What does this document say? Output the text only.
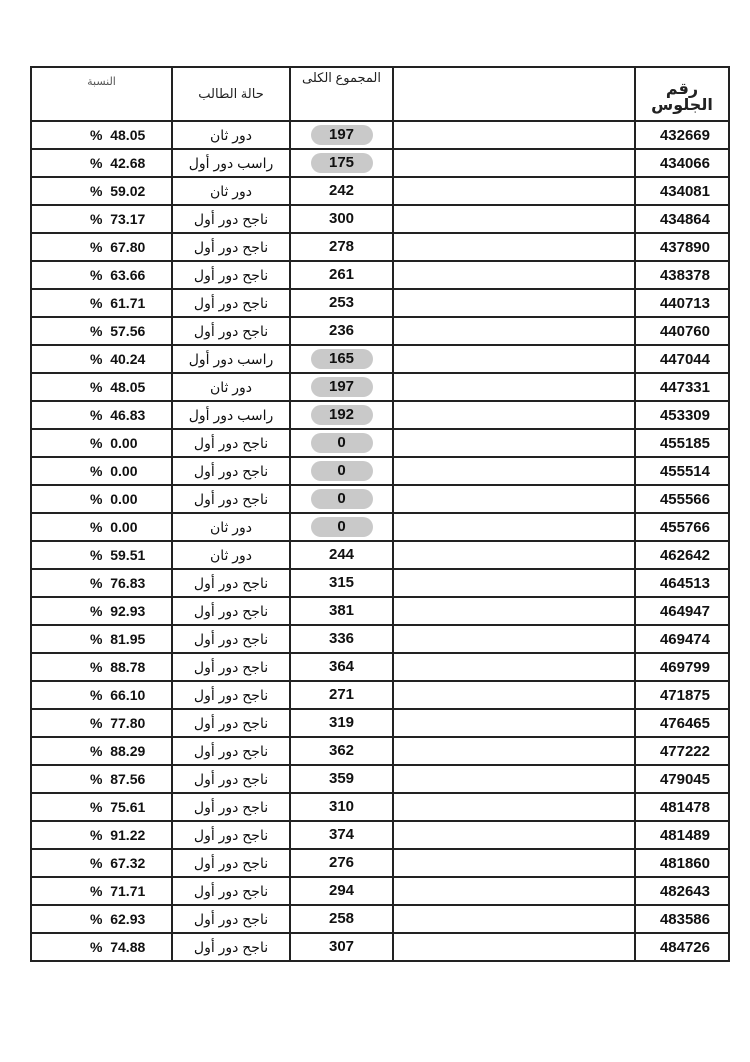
النسبة	حالة الطالب	المجموع الكلى		رقم الجلوس
% 48.05	دور ثان	197		432669
% 42.68	راسب دور أول	175		434066
% 59.02	دور ثان	242		434081
% 73.17	ناجح دور أول	300		434864
% 67.80	ناجح دور أول	278		437890
% 63.66	ناجح دور أول	261		438378
% 61.71	ناجح دور أول	253		440713
% 57.56	ناجح دور أول	236		440760
% 40.24	راسب دور أول	165		447044
% 48.05	دور ثان	197		447331
% 46.83	راسب دور أول	192		453309
% 0.00	ناجح دور أول	0		455185
% 0.00	ناجح دور أول	0		455514
% 0.00	ناجح دور أول	0		455566
% 0.00	دور ثان	0		455766
% 59.51	دور ثان	244		462642
% 76.83	ناجح دور أول	315		464513
% 92.93	ناجح دور أول	381		464947
% 81.95	ناجح دور أول	336		469474
% 88.78	ناجح دور أول	364		469799
% 66.10	ناجح دور أول	271		471875
% 77.80	ناجح دور أول	319		476465
% 88.29	ناجح دور أول	362		477222
% 87.56	ناجح دور أول	359		479045
% 75.61	ناجح دور أول	310		481478
% 91.22	ناجح دور أول	374		481489
% 67.32	ناجح دور أول	276		481860
% 71.71	ناجح دور أول	294		482643
% 62.93	ناجح دور أول	258		483586
% 74.88	ناجح دور أول	307		484726
